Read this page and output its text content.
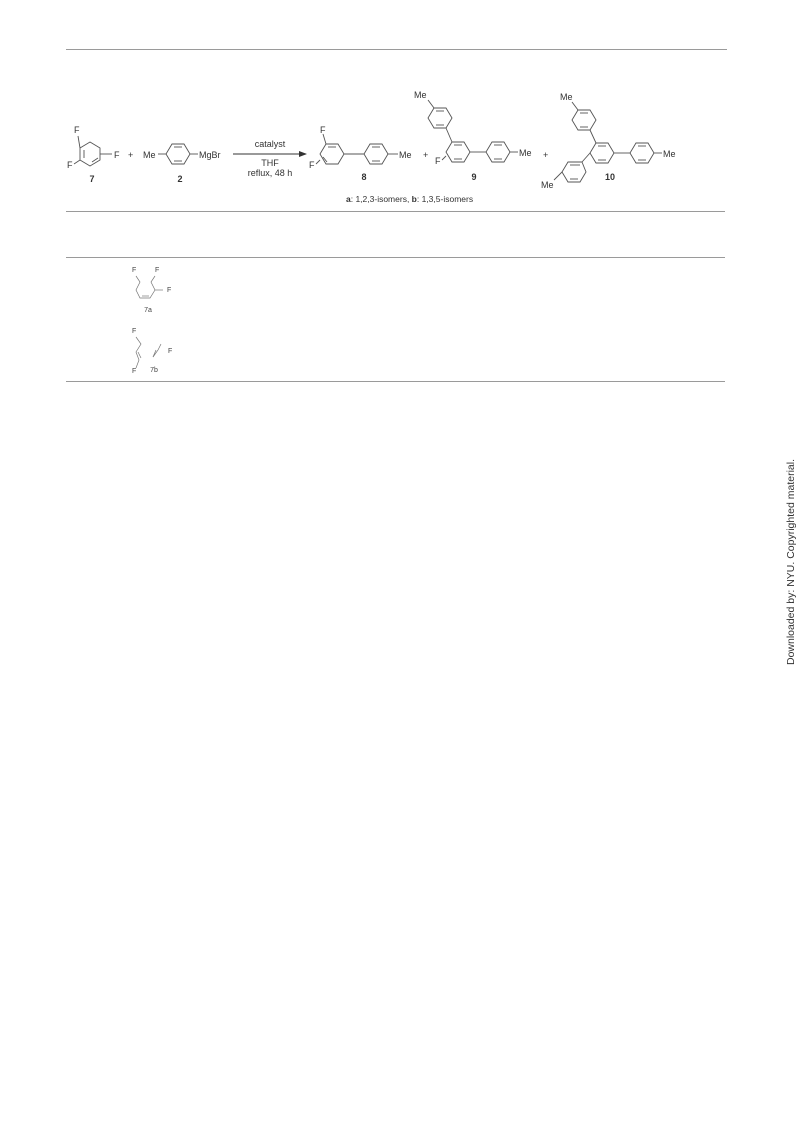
F
F
F
7
+ Me	MgBr
2
catalyst
THF
reflux, 48 h
F
F
Me
8
+
Me
F
Me
9
+
Me
Me
Me
10
a: 1,2,3-isomers, b: 1,3,5-isomers
F	F
F
7a
F
F
F 7b
Downloaded by: NYU. Copyrighted material.
